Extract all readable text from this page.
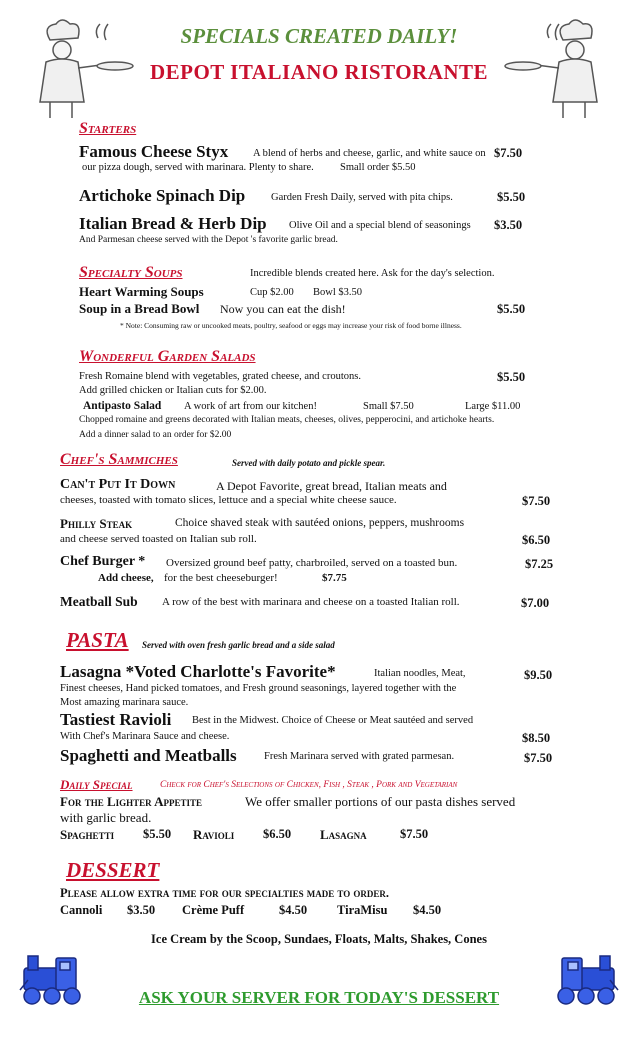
SPECIALS CREATED DAILY!
DEPOT ITALIANO RISTORANTE
Starters
Famous Cheese Styx A blend of herbs and cheese, garlic, and white sauce on $7.50
our pizza dough, served with marinara. Plenty to share. Small order $5.50
Artichoke Spinach Dip Garden Fresh Daily, served with pita chips.	$5.50
Italian Bread & Herb Dip Olive Oil and a special blend of seasonings $3.50
And Parmesan cheese served with the Depot 's favorite garlic bread.
Specialty Soups	Incredible blends created here. Ask for the day's selection.
Heart Warming Soups	Cup $2.00 Bowl $3.50
Soup in a Bread Bowl Now you can eat the dish!	$5.50
* Note: Consuming raw or uncooked meats, poultry, seafood or eggs may increase your risk of food borne illness.
Wonderful Garden Salads
Fresh Romaine blend with vegetables, grated cheese, and croutons.	$5.50
Add grilled chicken or Italian cuts for $2.00.
Antipasto Salad A work of art from our kitchen!	Small $7.50	Large $11.00
Chopped romaine and greens decorated with Italian meats, cheeses, olives, pepperocini, and artichoke hearts.
Add a dinner salad to an order for $2.00
Chef's Sammiches	Served with daily potato and pickle spear.
Can't Put It Down	A Depot Favorite, great bread, Italian meats and
cheeses, toasted with tomato slices, lettuce and a special white cheese sauce.	$7.50
Philly Steak	Choice shaved steak with sautéed onions, peppers, mushrooms
and cheese served toasted on Italian sub roll.	$6.50
Chef Burger * Oversized ground beef patty, charbroiled, served on a toasted bun.	$7.25
Add cheese, for the best cheeseburger!	$7.75
Meatball Sub A row of the best with marinara and cheese on a toasted Italian roll.	$7.00
PASTA Served with oven fresh garlic bread and a side salad
Lasagna *Voted Charlotte's Favorite*	Italian noodles, Meat,	$9.50
Finest cheeses, Hand picked tomatoes, and Fresh ground seasonings, layered together with the
Most amazing marinara sauce.
Tastiest Ravioli Best in the Midwest. Choice of Cheese or Meat sautéed and served
With Chef's Marinara Sauce and cheese.	$8.50
Spaghetti and Meatballs	Fresh Marinara served with grated parmesan.	$7.50
Daily Special	Check for Chef's Selections of Chicken, Fish , Steak , Pork and Vegetarian
For the Lighter Appetite	We offer smaller portions of our pasta dishes served
with garlic bread.
Spaghetti $5.50 Ravioli $6.50 Lasagna	$7.50
DESSERT
Please allow extra time for our specialties made to order.
Cannoli $3.50 Crème Puff	$4.50 TiraMisu $4.50
Ice Cream by the Scoop, Sundaes, Floats, Malts, Shakes, Cones
ASK YOUR SERVER FOR TODAY'S DESSERT
